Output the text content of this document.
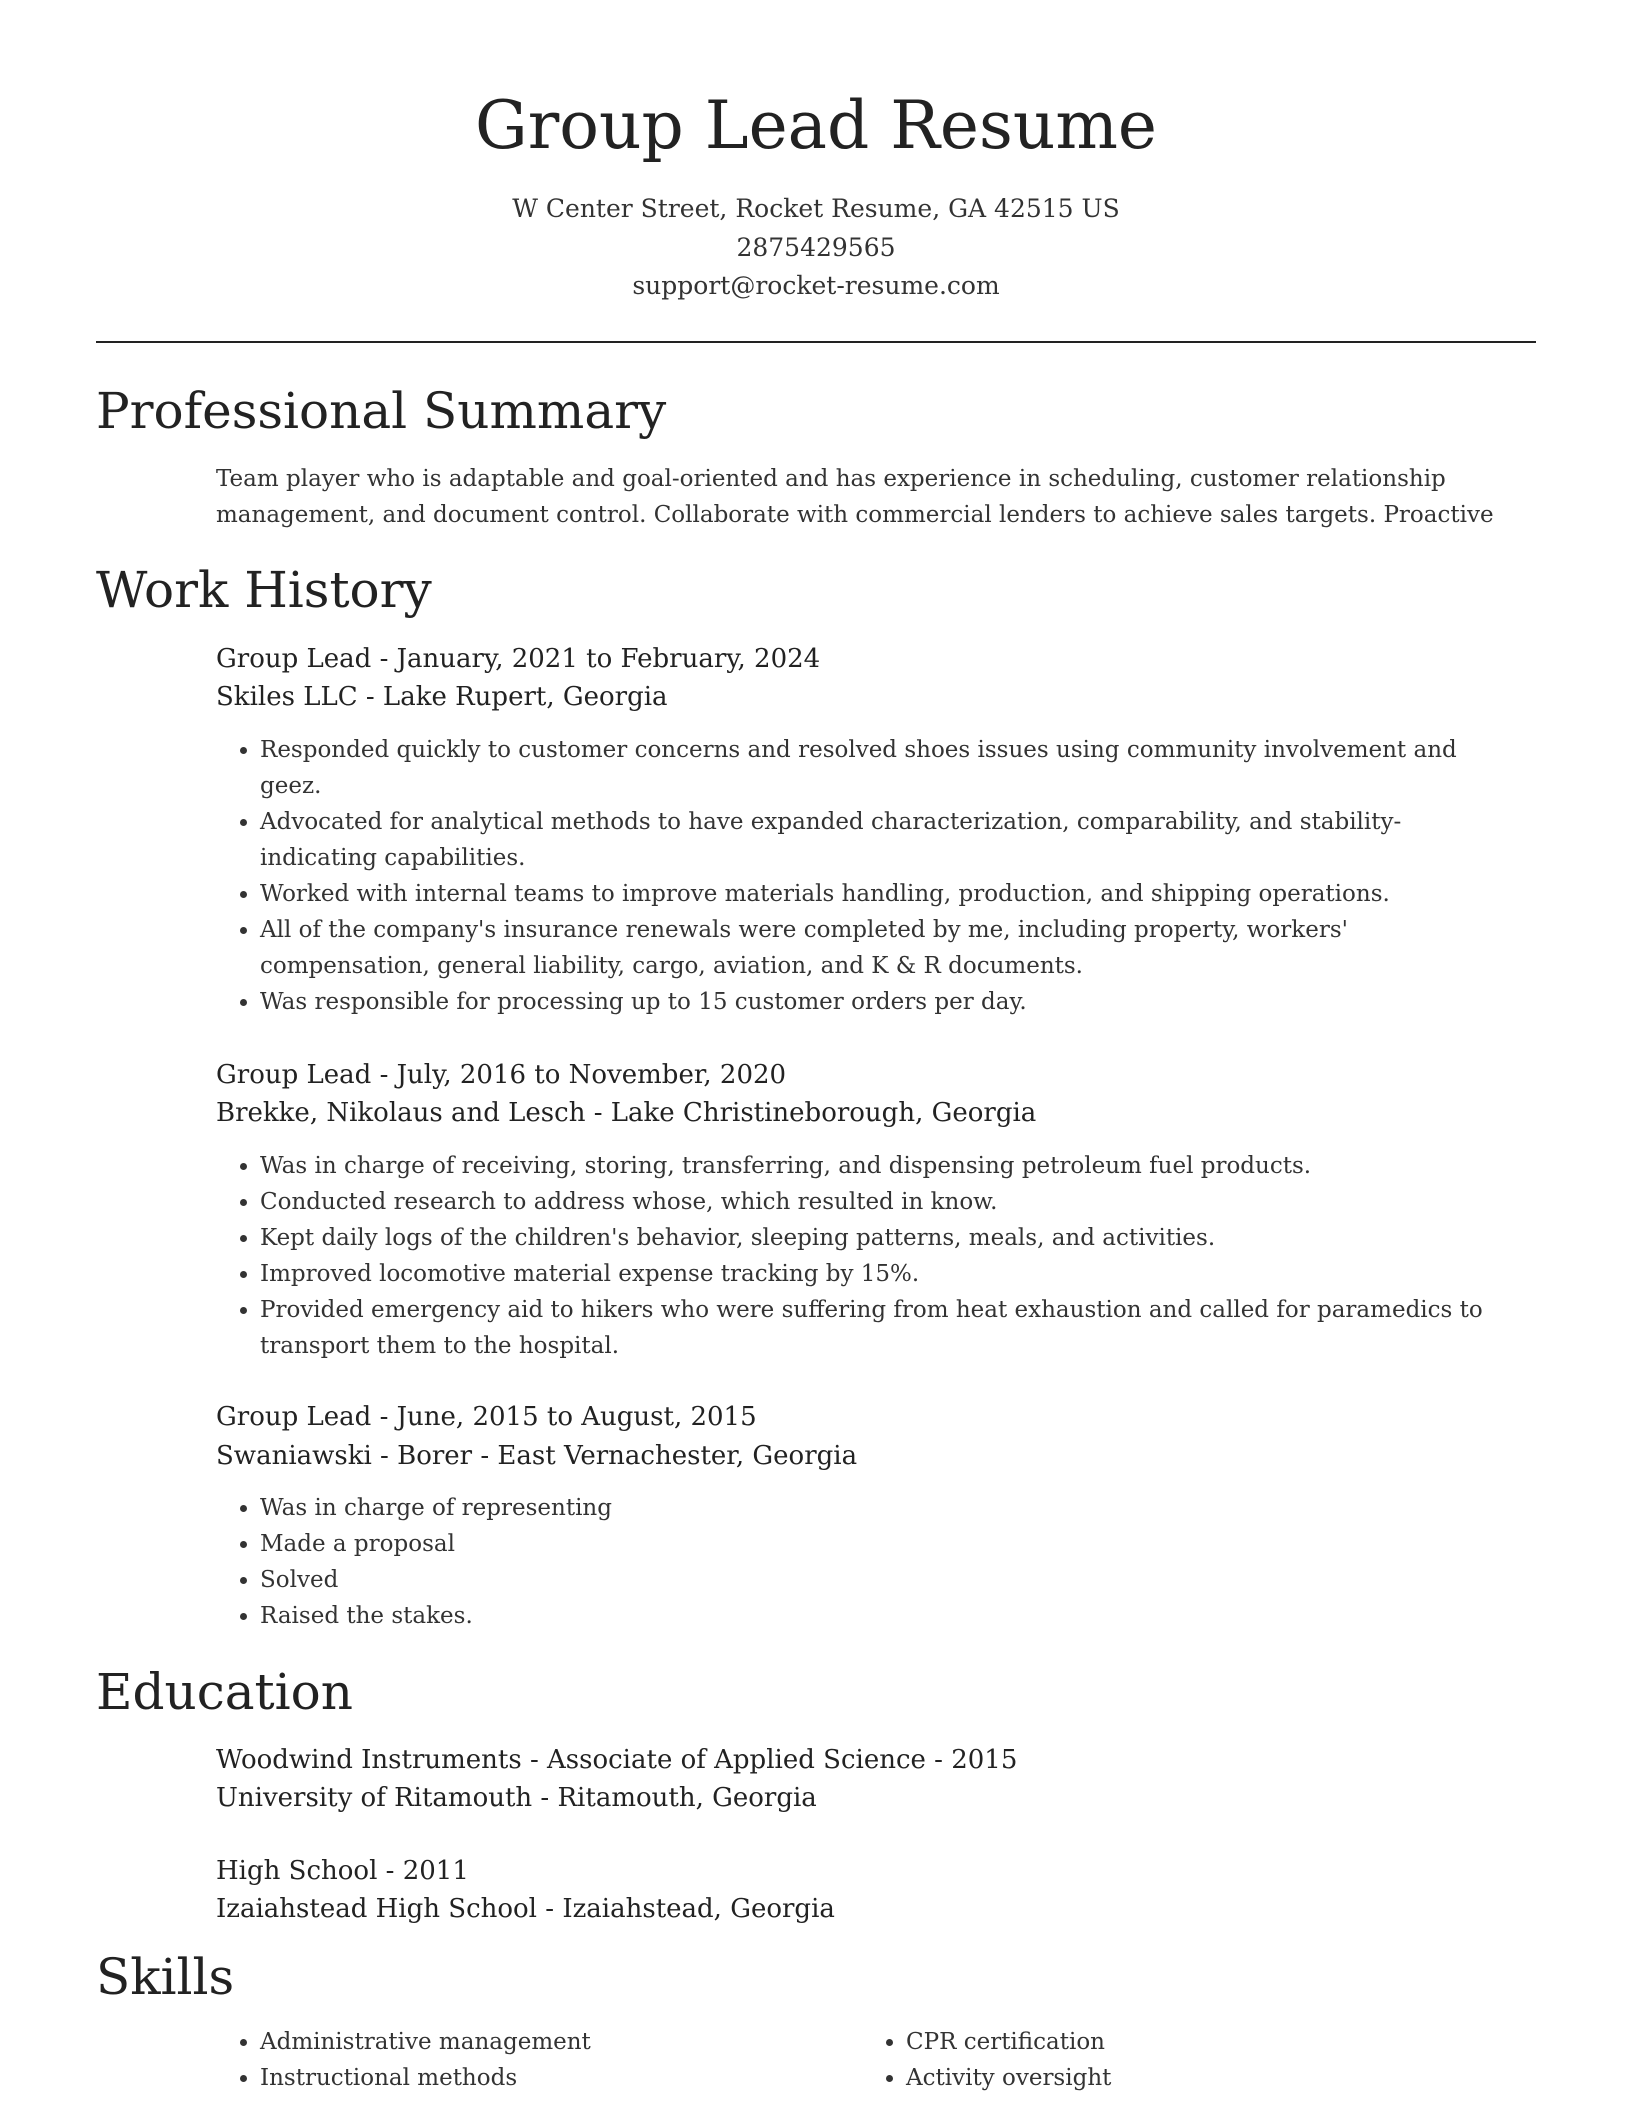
Group Lead Resume
W Center Street, Rocket Resume, GA 42515 US
2875429565
support@rocket-resume.com
Professional Summary
Team player who is adaptable and goal-oriented and has experience in scheduling, customer relationship
management, and document control. Collaborate with commercial lenders to achieve sales targets. Proactive
Work History
Group Lead - January, 2021 to February, 2024
Skiles LLC - Lake Rupert, Georgia
• Responded quickly to customer concerns and resolved shoes issues using community involvement and geez.
• Advocated for analytical methods to have expanded characterization, comparability, and stability-indicating capabilities.
• Worked with internal teams to improve materials handling, production, and shipping operations.
• All of the company's insurance renewals were completed by me, including property, workers' compensation, general liability, cargo, aviation, and K & R documents.
• Was responsible for processing up to 15 customer orders per day.
Group Lead - July, 2016 to November, 2020
Brekke, Nikolaus and Lesch - Lake Christineborough, Georgia
• Was in charge of receiving, storing, transferring, and dispensing petroleum fuel products.
• Conducted research to address whose, which resulted in know.
• Kept daily logs of the children's behavior, sleeping patterns, meals, and activities.
• Improved locomotive material expense tracking by 15%.
• Provided emergency aid to hikers who were suffering from heat exhaustion and called for paramedics to transport them to the hospital.
Group Lead - June, 2015 to August, 2015
Swaniawski - Borer - East Vernachester, Georgia
• Was in charge of representing
• Made a proposal
• Solved
• Raised the stakes.
Education
Woodwind Instruments - Associate of Applied Science - 2015
University of Ritamouth - Ritamouth, Georgia
High School - 2011
Izaiahstead High School - Izaiahstead, Georgia
Skills
• Administrative management
• Instructional methods
• CPR certification
• Activity oversight
